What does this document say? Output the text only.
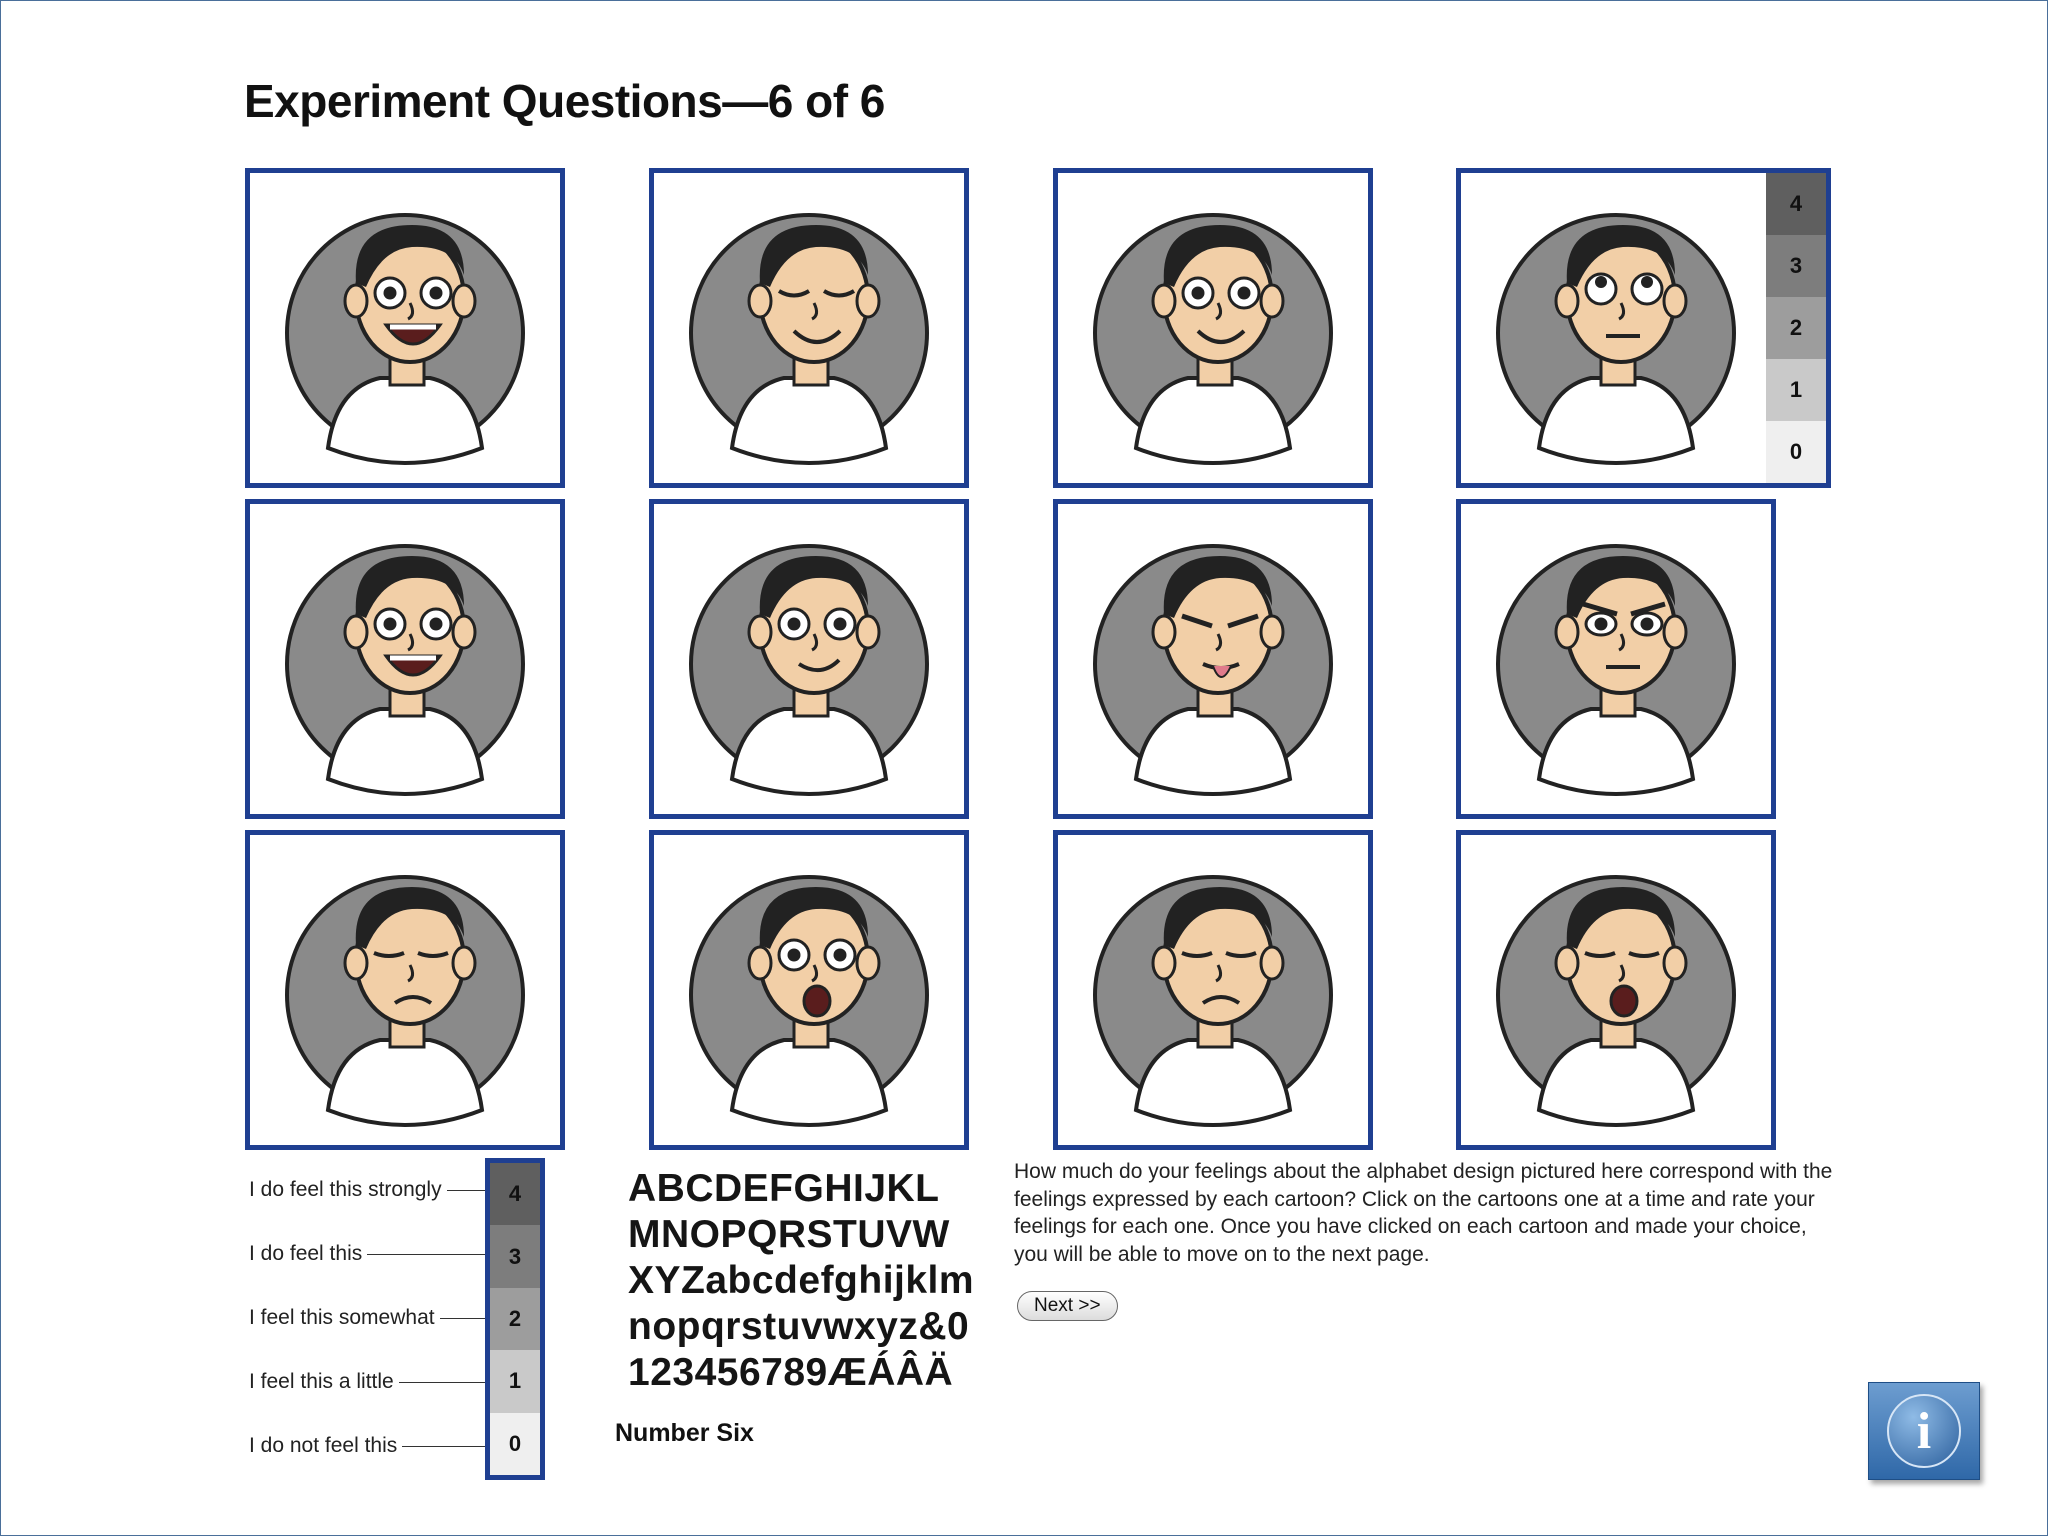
Experiment Questions—6 of 6
4
3
2
1
0
I do feel this strongly
I do feel this
I feel this somewhat
I feel this a little
I do not feel this
4
3
2
1
0
ABCDEFGHIJKL
MNOPQRSTUVW
XYZabcdefghijklm
nopqrstuvwxyz&0
123456789ÆÁÂÄ
Number Six
How much do your feelings about the alphabet design pictured here correspond with the feelings expressed by each cartoon? Click on the cartoons one at a time and rate your feelings for each one. Once you have clicked on each cartoon and made your choice, you will be able to move on to the next page.
Next >>
i
